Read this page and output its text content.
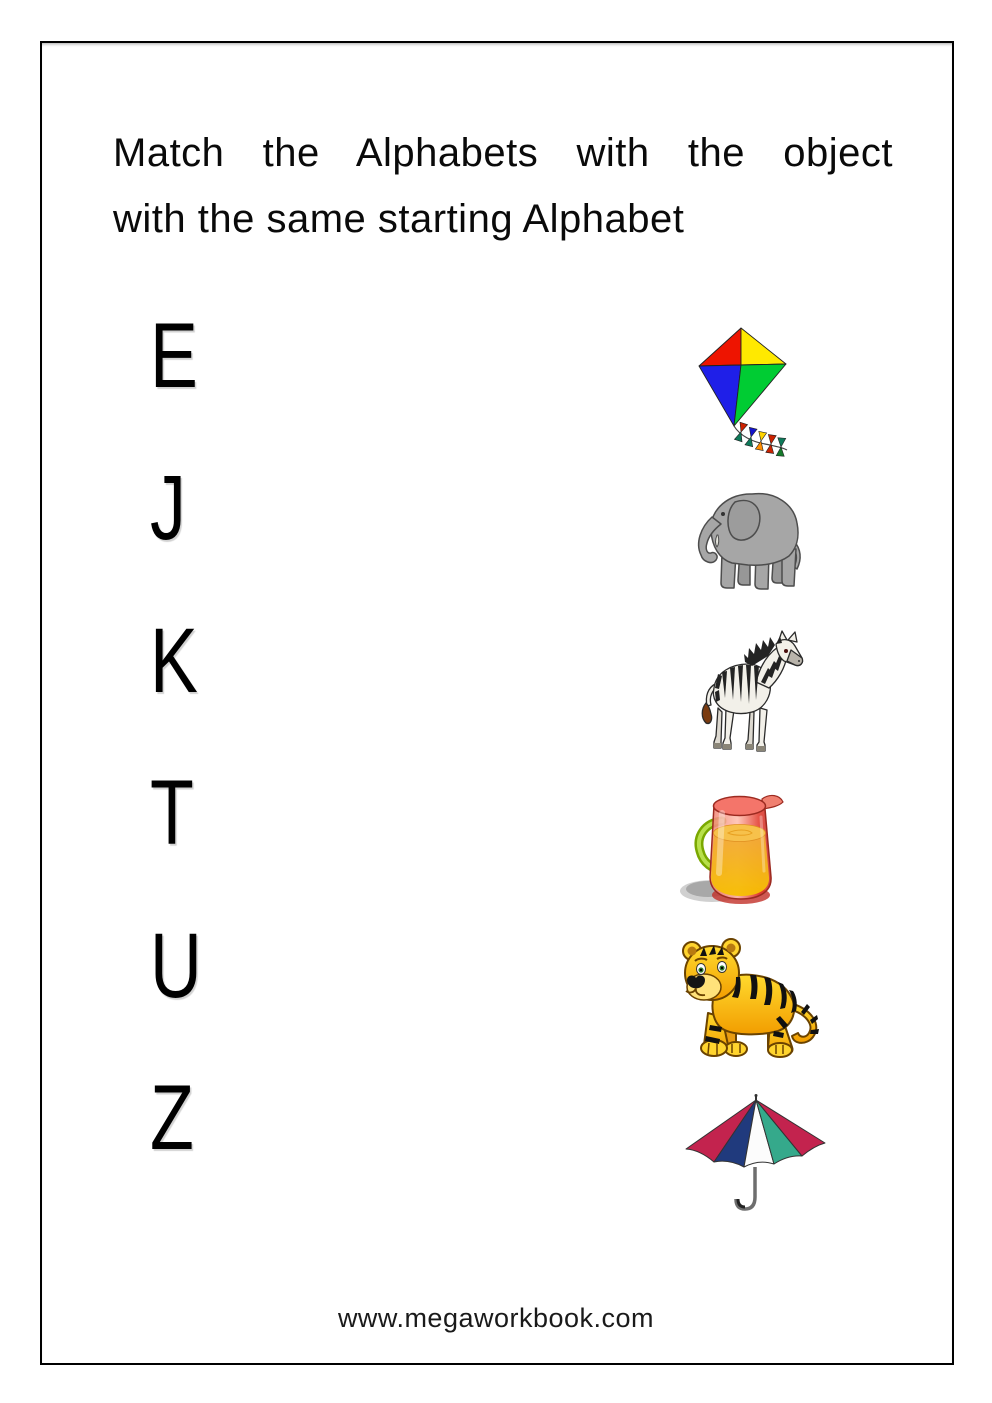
Match the Alphabets with the object
with the same starting Alphabet
E
J
K
T
U
Z
www.megaworkbook.com
